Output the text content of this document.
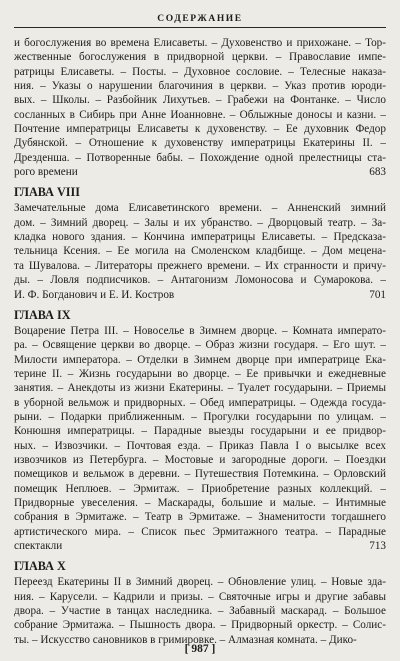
СОДЕРЖАНИЕ
и богослужения во времена Елисаветы. – Духовенство и прихожане. – Тор-
жественные богослужения в придворной церкви. – Православие импе-
ратрицы Елисаветы. – Посты. – Духовное сословие. – Телесные наказа-
ния. – Указы о нарушении благочиния в церкви. – Указ против юроди-
вых. – Школы. – Разбойник Лихутьев. – Грабежи на Фонтанке. – Число
сосланных в Сибирь при Анне Иоанновне. – Облыжные доносы и казни. –
Почтение императрицы Елисаветы к духовенству. – Ее духовник Федор
Дубянской. – Отношение к духовенству императрицы Екатерины II. –
Дрезденша. – Потворенные бабы. – Похождение одной прелестницы ста-
рого времени	683
ГЛАВА VIII
Замечательные дома Елисаветинского времени. – Анненский зимний
дом. – Зимний дворец. – Залы и их убранство. – Дворцовый театр. – За-
кладка нового здания. – Кончина императрицы Елисаветы. – Предсказа-
тельница Ксения. – Ее могила на Смоленском кладбище. – Дом мецена-
та Шувалова. – Литераторы прежнего времени. – Их странности и причу-
ды. – Ловля подписчиков. – Антагонизм Ломоносова и Сумарокова. –
И. Ф. Богданович и Е. И. Костров	701
ГЛАВА IX
Воцарение Петра III. – Новоселье в Зимнем дворце. – Комната императо-
ра. – Освящение церкви во дворце. – Образ жизни государя. – Его шут. –
Милости императора. – Отделки в Зимнем дворце при императрице Ека-
терине II. – Жизнь государыни во дворце. – Ее привычки и ежедневные
занятия. – Анекдоты из жизни Екатерины. – Туалет государыни. – Приемы
в уборной вельмож и придворных. – Обед императрицы. – Одежда госуда-
рыни. – Подарки приближенным. – Прогулки государыни по улицам. –
Конюшня императрицы. – Парадные выезды государыни и ее придвор-
ных. – Извозчики. – Почтовая езда. – Приказ Павла I о высылке всех
извозчиков из Петербурга. – Мостовые и загородные дороги. – Поездки
помещиков и вельмож в деревни. – Путешествия Потемкина. – Орловский
помещик Неплюев. – Эрмитаж. – Приобретение разных коллекций. –
Придворные увеселения. – Маскарады, большие и малые. – Интимные
собрания в Эрмитаже. – Театр в Эрмитаже. – Знаменитости тогдашнего
артистического мира. – Список пьес Эрмитажного театра. – Парадные
спектакли	713
ГЛАВА X
Переезд Екатерины II в Зимний дворец. – Обновление улиц. – Новые зда-
ния. – Карусели. – Кадрили и призы. – Святочные игры и другие забавы
двора. – Участие в танцах наследника. – Забавный маскарад. – Большое
собрание Эрмитажа. – Пышность двора. – Придворный оркестр. – Солис-
ты. – Искусство сановников в гримировке. – Алмазная комната. – Дико-
[ 987 ]
